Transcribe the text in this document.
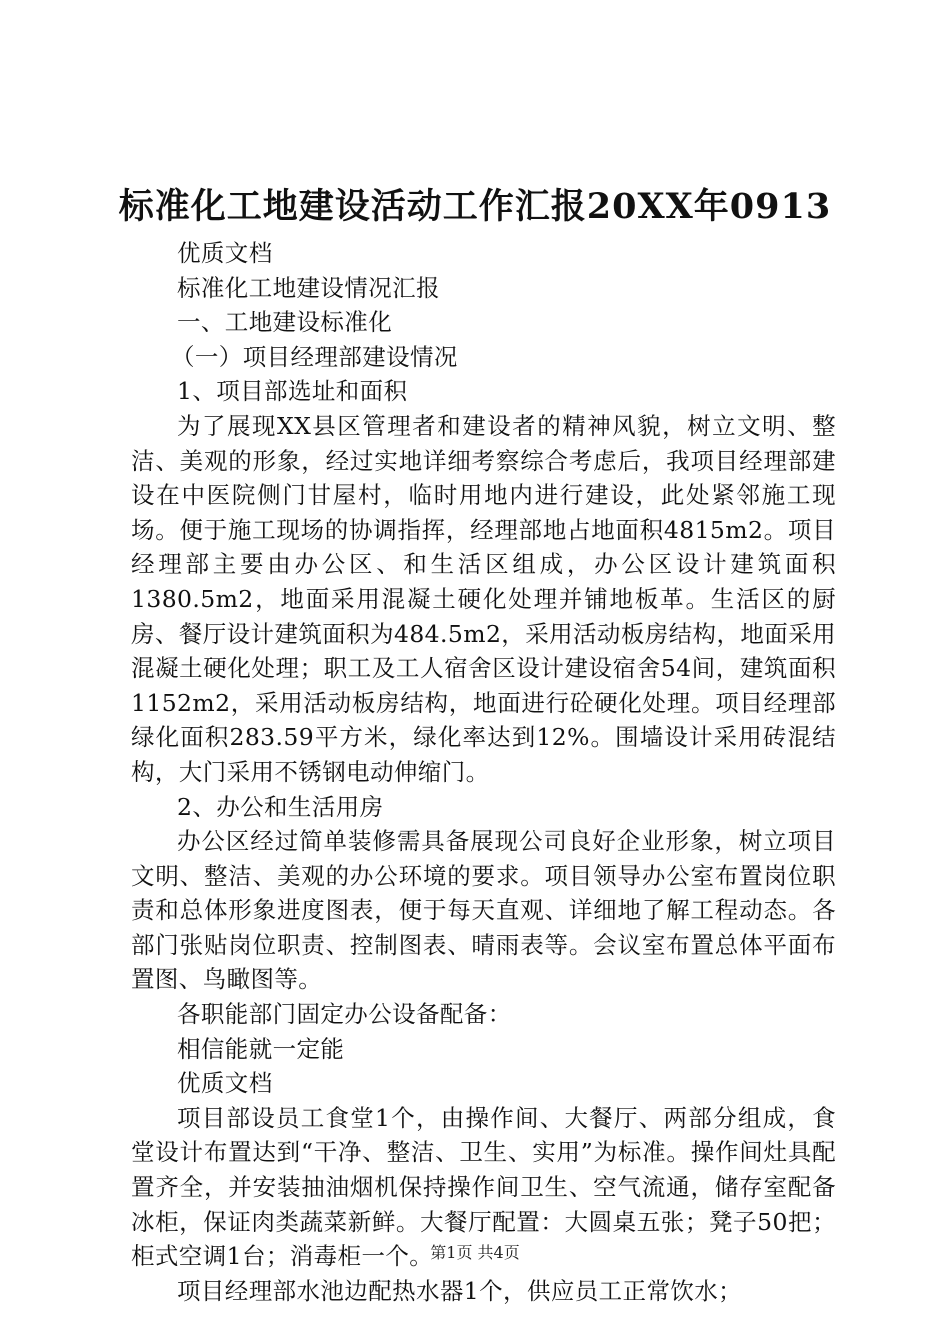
标准化工地建设活动工作汇报20XX年0913

优质文档

标准化工地建设情况汇报

一、工地建设标准化

（一）项目经理部建设情况

1、项目部选址和面积

为了展现XX县区管理者和建设者的精神风貌，树立文明、整洁、美观的形象，经过实地详细考察综合考虑后，我项目经理部建设在中医院侧门甘屋村，临时用地内进行建设，此处紧邻施工现场。便于施工现场的协调指挥，经理部地占地面积4815m2。项目经理部主要由办公区、和生活区组成，办公区设计建筑面积1380.5m2，地面采用混凝土硬化处理并铺地板革。生活区的厨房、餐厅设计建筑面积为484.5m2，采用活动板房结构，地面采用混凝土硬化处理；职工及工人宿舍区设计建设宿舍54间，建筑面积1152m2，采用活动板房结构，地面进行砼硬化处理。项目经理部绿化面积283.59平方米，绿化率达到12%。围墙设计采用砖混结构，大门采用不锈钢电动伸缩门。

2、办公和生活用房

办公区经过简单装修需具备展现公司良好企业形象，树立项目文明、整洁、美观的办公环境的要求。项目领导办公室布置岗位职责和总体形象进度图表，便于每天直观、详细地了解工程动态。各部门张贴岗位职责、控制图表、晴雨表等。会议室布置总体平面布置图、鸟瞰图等。

各职能部门固定办公设备配备：

相信能就一定能

优质文档

项目部设员工食堂1个，由操作间、大餐厅、两部分组成，食堂设计布置达到“干净、整洁、卫生、实用”为标准。操作间灶具配置齐全，并安装抽油烟机保持操作间卫生、空气流通，储存室配备冰柜，保证肉类蔬菜新鲜。大餐厅配置：大圆桌五张；凳子50把；柜式空调1台；消毒柜一个。

项目经理部水池边配热水器1个，供应员工正常饮水；

第1页 共4页
